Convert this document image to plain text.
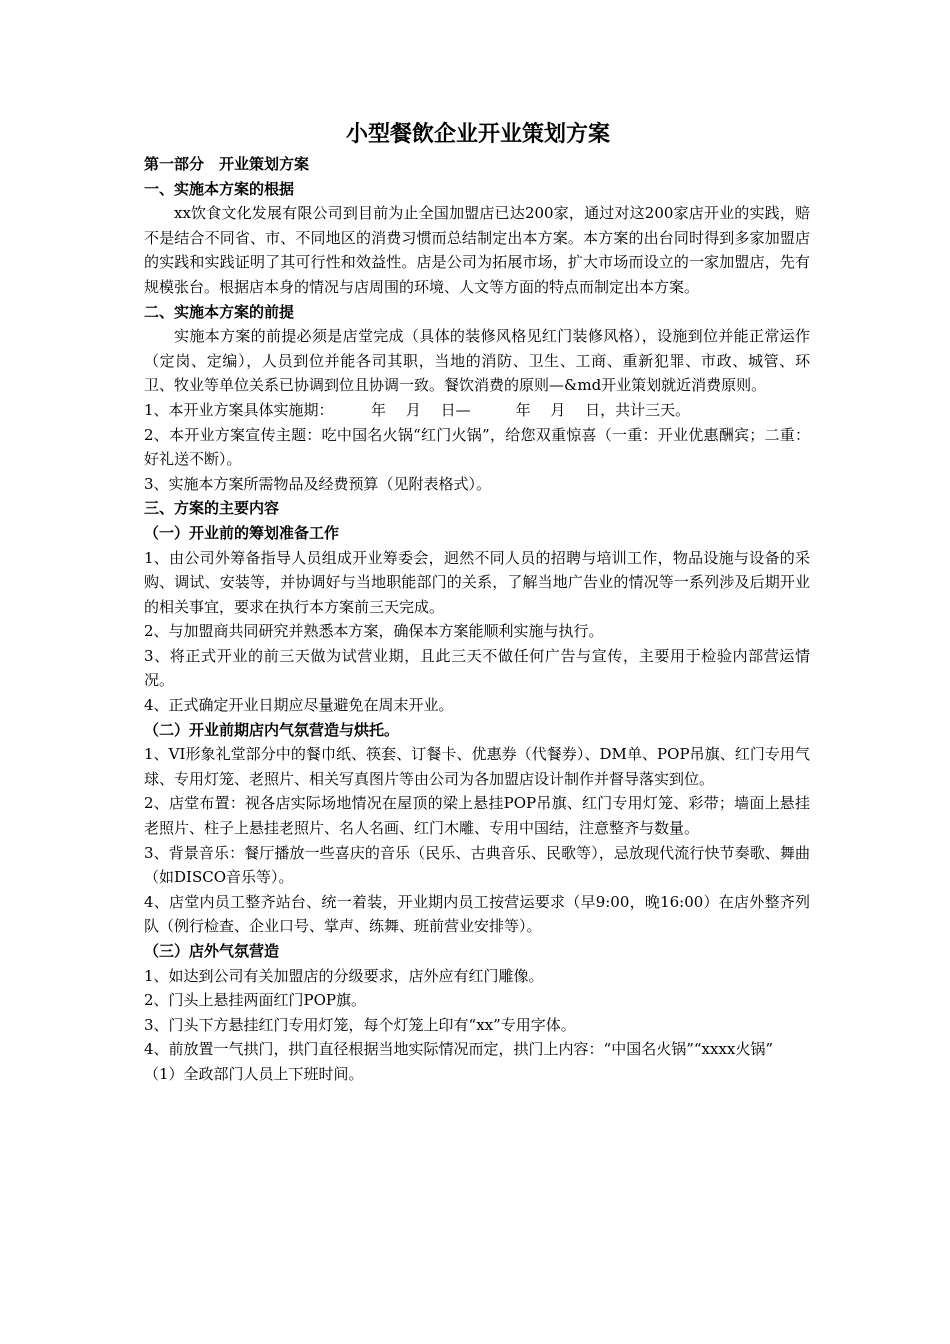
小型餐飲企业开业策划方案
第一部分　开业策划方案
一、实施本方案的根据

xx饮食文化发展有限公司到目前为止全国加盟店已达200家，通过对这200家店开业的实践，赔不是结合不同省、市、不同地区的消费习惯而总结制定出本方案。本方案的出台同时得到多家加盟店的实践和实践证明了其可行性和效益性。店是公司为拓展市场，扩大市场而设立的一家加盟店，先有规模张台。根据店本身的情况与店周围的环境、人文等方面的特点而制定出本方案。

二、实施本方案的前提

实施本方案的前提必须是店堂完成（具体的装修风格见红门装修风格），设施到位并能正常运作（定岗、定编），人员到位并能各司其职，当地的消防、卫生、工商、重新犯罪、市政、城管、环卫、牧业等单位关系已协调到位且协调一致。餐饮消费的原则—&md开业策划就近消费原则。

1、本开业方案具体实施期：　　　年　 月　 日—　　　年　 月　 日，共计三天。

2、本开业方案宣传主题：吃中国名火锅“红门火锅”，给您双重惊喜（一重：开业优惠酬宾；二重：好礼送不断）。

3、实施本方案所需物品及经费预算（见附表格式）。

三、方案的主要内容
（一）开业前的筹划准备工作

1、由公司外筹备指导人员组成开业筹委会，迥然不同人员的招聘与培训工作，物品设施与设备的采购、调试、安装等，并协调好与当地职能部门的关系，了解当地广告业的情况等一系列涉及后期开业的相关事宜，要求在执行本方案前三天完成。

2、与加盟商共同研究并熟悉本方案，确保本方案能顺利实施与执行。

3、将正式开业的前三天做为试营业期，且此三天不做任何广告与宣传，主要用于检验内部营运情况。

4、正式确定开业日期应尽量避免在周末开业。

（二）开业前期店内气氛营造与烘托。

1、VI形象礼堂部分中的餐巾纸、筷套、订餐卡、优惠券（代餐券）、DM单、POP吊旗、红门专用气球、专用灯笼、老照片、相关写真图片等由公司为各加盟店设计制作并督导落实到位。

2、店堂布置：视各店实际场地情况在屋顶的梁上悬挂POP吊旗、红门专用灯笼、彩带；墙面上悬挂老照片、柱子上悬挂老照片、名人名画、红门木雕、专用中国结，注意整齐与数量。

3、背景音乐：餐厅播放一些喜庆的音乐（民乐、古典音乐、民歌等），忌放现代流行快节奏歌、舞曲（如DISCO音乐等）。

4、店堂内员工整齐站台、统一着装，开业期内员工按营运要求（早9:00，晚16:00）在店外整齐列队（例行检查、企业口号、掌声、练舞、班前营业安排等）。

（三）店外气氛营造

1、如达到公司有关加盟店的分级要求，店外应有红门雕像。

2、门头上悬挂两面红门POP旗。

3、门头下方悬挂红门专用灯笼，每个灯笼上印有“xx”专用字体。

4、前放置一气拱门，拱门直径根据当地实际情况而定，拱门上内容：“中国名火锅”“xxxx火锅”

（1）全政部门人员上下班时间。
